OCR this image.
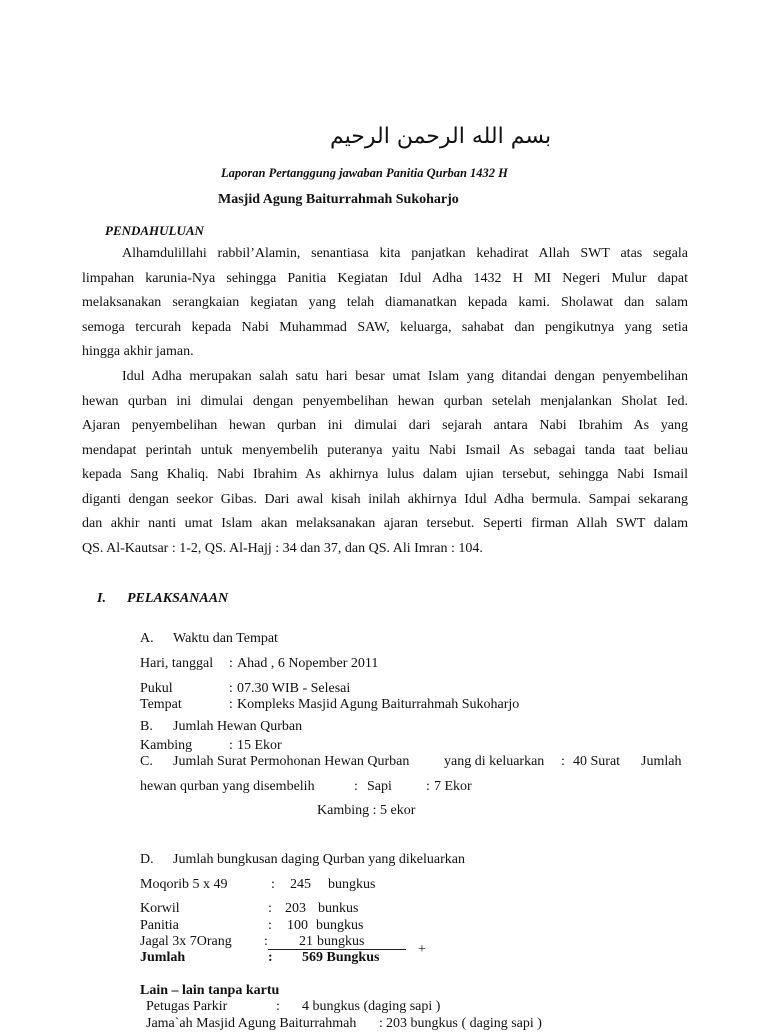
بسم الله الرحمن الرحيم
Laporan Pertanggung jawaban Panitia Qurban 1432 H
Masjid Agung Baiturrahmah Sukoharjo
PENDAHULUAN
Alhamdulillahi rabbil’Alamin, senantiasa kita panjatkan kehadirat Allah SWT atas segala
limpahan karunia-Nya sehingga Panitia Kegiatan Idul Adha 1432 H MI Negeri Mulur dapat
melaksanakan serangkaian kegiatan yang telah diamanatkan kepada kami. Sholawat dan salam
semoga tercurah kepada Nabi Muhammad SAW, keluarga, sahabat dan pengikutnya yang setia
hingga akhir jaman.
Idul Adha merupakan salah satu hari besar umat Islam yang ditandai dengan penyembelihan
hewan qurban ini dimulai dengan penyembelihan hewan qurban setelah menjalankan Sholat Ied.
Ajaran penyembelihan hewan qurban ini dimulai dari sejarah antara Nabi Ibrahim As yang
mendapat perintah untuk menyembelih puteranya yaitu Nabi Ismail As sebagai tanda taat beliau
kepada Sang Khaliq. Nabi Ibrahim As akhirnya lulus dalam ujian tersebut, sehingga Nabi Ismail
diganti dengan seekor Gibas. Dari awal kisah inilah akhirnya Idul Adha bermula. Sampai sekarang
dan akhir nanti umat Islam akan melaksanakan ajaran tersebut. Seperti firman Allah SWT dalam
QS. Al-Kautsar : 1-2, QS. Al-Hajj : 34 dan 37, dan QS. Ali Imran : 104.
I. PELAKSANAAN
A. Waktu dan Tempat
Hari, tanggal : Ahad , 6 Nopember 2011
Pukul	: 07.30 WIB - Selesai
Tempat	: Kompleks Masjid Agung Baiturrahmah Sukoharjo
B. Jumlah Hewan Qurban
Kambing	: 15 Ekor
C. Jumlah Surat Permohonan Hewan Qurban yang di keluarkan : 40 Surat Jumlah
hewan qurban yang disembelih	: Sapi : 7 Ekor
Kambing : 5 ekor
D. Jumlah bungkusan daging Qurban yang dikeluarkan
Moqorib 5 x 49	: 245 bungkus
Korwil	: 203 bunkus
Panitia	: 100 bungkus
Jagal 3x 7Orang : 21 bungkus
+
Jumlah	: 569 Bungkus
Lain – lain tanpa kartu
Petugas Parkir	: 4 bungkus (daging sapi )
Jama`ah Masjid Agung Baiturrahmah : 203 bungkus ( daging sapi )
